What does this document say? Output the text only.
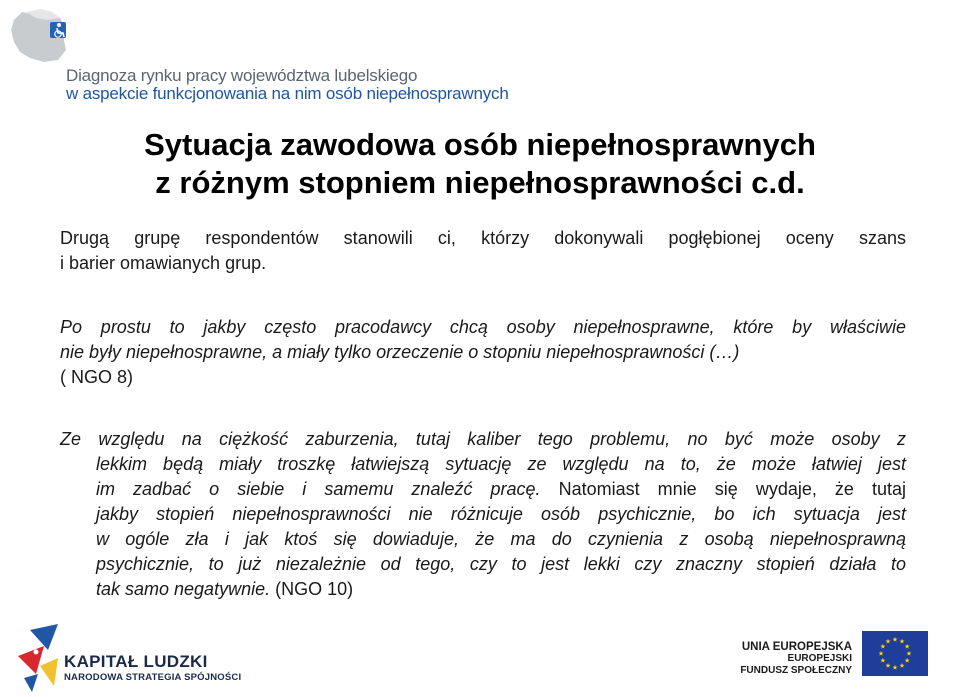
Diagnoza rynku pracy województwa lubelskiego
w aspekcie funkcjonowania na nim osób niepełnosprawnych
Sytuacja zawodowa osób niepełnosprawnych
z różnym stopniem niepełnosprawności c.d.
Drugą grupę respondentów stanowili ci, którzy dokonywali pogłębionej oceny szans
i barier omawianych grup.
Po prostu to jakby często pracodawcy chcą osoby niepełnosprawne, które by właściwie
nie były niepełnosprawne, a miały tylko orzeczenie o stopniu niepełnosprawności (…)
( NGO 8)
Ze względu na ciężkość zaburzenia, tutaj kaliber tego problemu, no być może osoby z
lekkim będą miały troszkę łatwiejszą sytuację ze względu na to, że może łatwiej jest
im zadbać o siebie i samemu znaleźć pracę. Natomiast mnie się wydaje, że tutaj
jakby stopień niepełnosprawności nie różnicuje osób psychicznie, bo ich sytuacja jest
w ogóle zła i jak ktoś się dowiaduje, że ma do czynienia z osobą niepełnosprawną
psychicznie, to już niezależnie od tego, czy to jest lekki czy znaczny stopień działa to
tak samo negatywnie. (NGO 10)
KAPITAŁ LUDZKI
NARODOWA STRATEGIA SPÓJNOŚCI
UNIA EUROPEJSKA
EUROPEJSKI
FUNDUSZ SPOŁECZNY
